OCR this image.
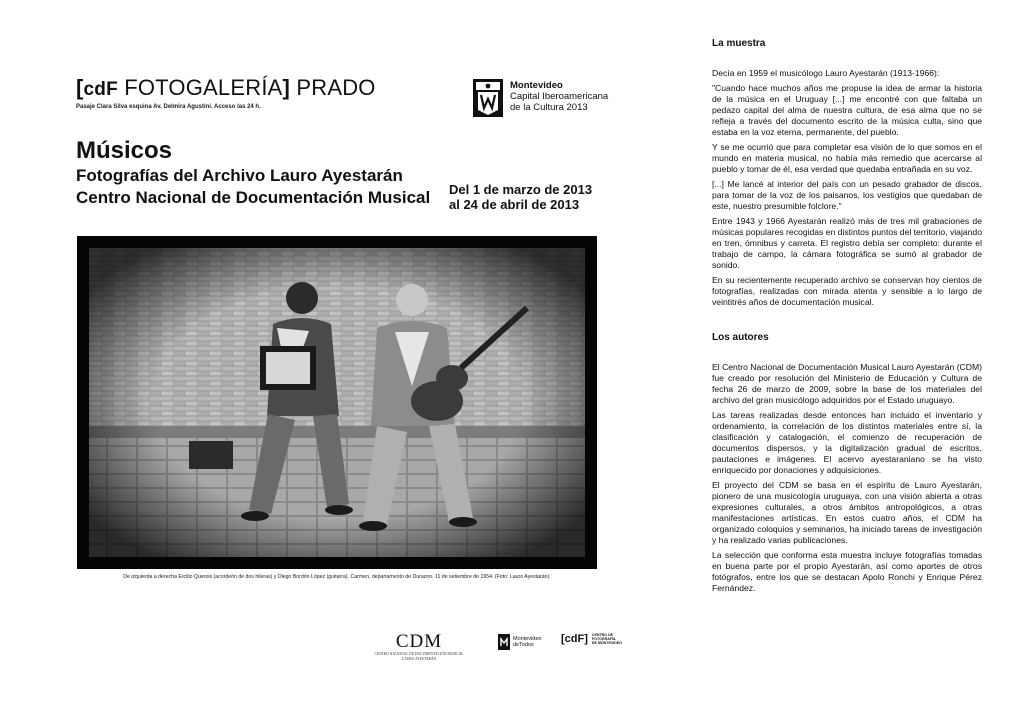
[cdF FOTOGALERÍA] PRADO
Pasaje Clara Silva esquina Av. Delmira Agustini. Acceso las 24 h.
Montevideo
Capital Iberoamericana
de la Cultura 2013
Músicos
Fotografías del Archivo Lauro Ayestarán
Centro Nacional de Documentación Musical Del 1 de marzo de 2013
al 24 de abril de 2013
De izquierda a derecha Ercilio Querois (acordeón de dos hileras) y Diego Bordón López (guitarra). Carmen, departamento de Durazno. 11 de setiembre de 1954. (Foto: Lauro Ayestarán).
CDM
CENTRO NACIONAL DE DOCUMENTACIÓN MUSICAL
LAURO AYESTARÁN
Montevideo
deTodos	[cdF] CENTRO DE
FOTOGRAFÍA
DE MONTEVIDEO
La muestra

Decía en 1959 el musicólogo Lauro Ayestarán (1913-1966):

"Cuando hace muchos años me propuse la idea de armar la historia de la música en el Uruguay [...] me encontré con que faltaba un pedazo capital del alma de nuestra cultura, de esa alma que no se refleja a través del documento escrito de la música culta, sino que estaba en la voz eterna, permanente, del pueblo.

Y se me ocurrió que para completar esa visión de lo que somos en el mundo en materia musical, no había más remedio que acercarse al pueblo y tomar de él, esa verdad que quedaba entrañada en su voz.

[...] Me lancé al interior del país con un pesado grabador de discos, para tomar de la voz de los paisanos, los vestigios que quedaban de este, nuestro presumible folclore."

Entre 1943 y 1966 Ayestarán realizó más de tres mil grabaciones de músicas populares recogidas en distintos puntos del territorio, viajando en tren, ómnibus y carreta. El registro debía ser completo: durante el trabajo de campo, la cámara fotográfica se sumó al grabador de sonido.

En su recientemente recuperado archivo se conservan hoy cientos de fotografías, realizadas con mirada atenta y sensible a lo largo de veintitrés años de documentación musical.

Los autores

El Centro Nacional de Documentación Musical Lauro Ayestarán (CDM) fue creado por resolución del Ministerio de Educación y Cultura de fecha 26 de marzo de 2009, sobre la base de los materiales del archivo del gran musicólogo adquiridos por el Estado uruguayo.

Las tareas realizadas desde entonces han incluido el inventario y ordenamiento, la correlación de los distintos materiales entre sí, la clasificación y catalogación, el comienzo de recuperación de documentos dispersos, y la digitalización gradual de escritos, pautaciones e imágenes. El acervo ayestaraniano se ha visto enriquecido por donaciones y adquisiciones.

El proyecto del CDM se basa en el espíritu de Lauro Ayestarán, pionero de una musicología uruguaya, con una visión abierta a otras expresiones culturales, a otros ámbitos antropológicos, a otras manifestaciones artísticas. En estos cuatro años, el CDM ha organizado coloquios y seminarios, ha iniciado tareas de investigación y ha realizado varias publicaciones.

La selección que conforma esta muestra incluye fotografías tomadas en buena parte por el propio Ayestarán, así como aportes de otros fotógrafos, entre los que se destacan Apolo Ronchi y Enrique Pérez Fernández.
